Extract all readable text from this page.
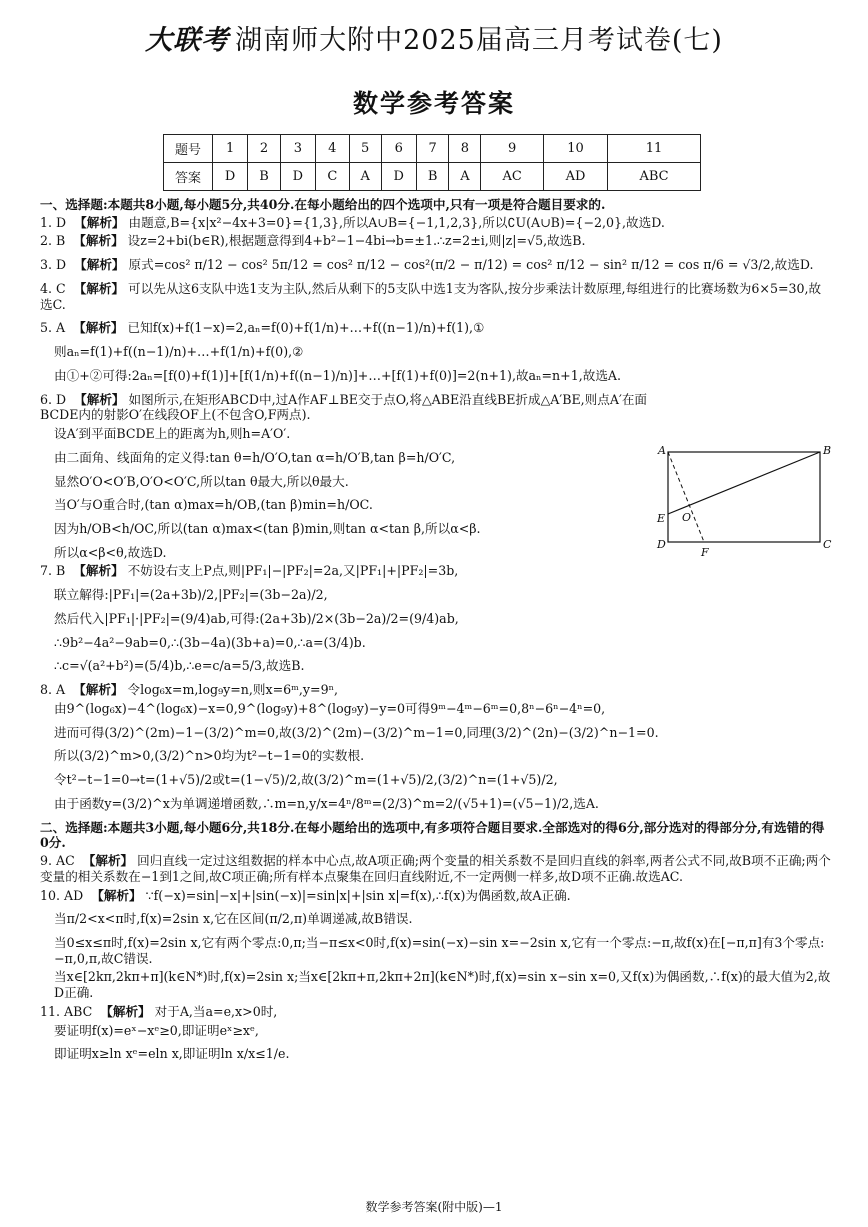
大联考 湖南师大附中2025届高三月考试卷(七)
数学参考答案
题号	1	2	3	4	5	6	7	8	9	10	11
答案	D	B	D	C	A	D	B	A	AC	AD	ABC
一、选择题:本题共8小题,每小题5分,共40分.在每小题给出的四个选项中,只有一项是符合题目要求的.
1. D 【解析】 由题意,B={x|x²−4x+3=0}={1,3},所以A∪B={−1,1,2,3},所以∁U(A∪B)={−2,0},故选D.
2. B 【解析】 设z=2+bi(b∈R),根据题意得到4+b²−1−4bi→b=±1.∴z=2±i,则|z|=√5,故选B.
3. D 【解析】 原式=cos² π/12 − cos² 5π/12 = cos² π/12 − cos²(π/2 − π/12) = cos² π/12 − sin² π/12 = cos π/6 = √3/2,故选D.
4. C 【解析】 可以先从这6支队中选1支为主队,然后从剩下的5支队中选1支为客队,按分步乘法计数原理,每组进行的比赛场数为6×5=30,故选C.
5. A 【解析】 已知f(x)+f(1−x)=2,aₙ=f(0)+f(1/n)+…+f((n−1)/n)+f(1),①
则aₙ=f(1)+f((n−1)/n)+…+f(1/n)+f(0),②
由①+②可得:2aₙ=[f(0)+f(1)]+[f(1/n)+f((n−1)/n)]+…+[f(1)+f(0)]=2(n+1),故aₙ=n+1,故选A.
6. D 【解析】 如图所示,在矩形ABCD中,过A作AF⊥BE交于点O,将△ABE沿直线BE折成△A′BE,则点A′在面BCDE内的射影O′在线段OF上(不包含O,F两点).
设A′到平面BCDE上的距离为h,则h=A′O′.
由二面角、线面角的定义得:tan θ=h/O′O,tan α=h/O′B,tan β=h/O′C,
显然O′O<O′B,O′O<O′C,所以tan θ最大,所以θ最大.
当O′与O重合时,(tan α)max=h/OB,(tan β)min=h/OC.
因为h/OB<h/OC,所以(tan α)max<(tan β)min,则tan α<tan β,所以α<β.
所以α<β<θ,故选D.
7. B 【解析】 不妨设右支上P点,则|PF₁|−|PF₂|=2a,又|PF₁|+|PF₂|=3b,
联立解得:|PF₁|=(2a+3b)/2,|PF₂|=(3b−2a)/2,
然后代入|PF₁|·|PF₂|=(9/4)ab,可得:(2a+3b)/2×(3b−2a)/2=(9/4)ab,
∴9b²−4a²−9ab=0,∴(3b−4a)(3b+a)=0,∴a=(3/4)b.
∴c=√(a²+b²)=(5/4)b,∴e=c/a=5/3,故选B.
8. A 【解析】 令log₆x=m,log₉y=n,则x=6ᵐ,y=9ⁿ,
由9^(log₆x)−4^(log₆x)−x=0,9^(log₉y)+8^(log₉y)−y=0可得9ᵐ−4ᵐ−6ᵐ=0,8ⁿ−6ⁿ−4ⁿ=0,
进而可得(3/2)^(2m)−1−(3/2)^m=0,故(3/2)^(2m)−(3/2)^m−1=0,同理(3/2)^(2n)−(3/2)^n−1=0.
所以(3/2)^m>0,(3/2)^n>0均为t²−t−1=0的实数根.
令t²−t−1=0→t=(1+√5)/2或t=(1−√5)/2,故(3/2)^m=(1+√5)/2,(3/2)^n=(1+√5)/2,
由于函数y=(3/2)^x为单调递增函数,∴m=n,y/x=4ⁿ/8ᵐ=(2/3)^m=2/(√5+1)=(√5−1)/2,选A.
二、选择题:本题共3小题,每小题6分,共18分.在每小题给出的选项中,有多项符合题目要求.全部选对的得6分,部分选对的得部分分,有选错的得0分.
9. AC 【解析】 回归直线一定过这组数据的样本中心点,故A项正确;两个变量的相关系数不是回归直线的斜率,两者公式不同,故B项不正确;两个变量的相关系数在−1到1之间,故C项正确;所有样本点聚集在回归直线附近,不一定两侧一样多,故D项不正确.故选AC.
10. AD 【解析】 ∵f(−x)=sin|−x|+|sin(−x)|=sin|x|+|sin x|=f(x),∴f(x)为偶函数,故A正确.
当π/2<x<π时,f(x)=2sin x,它在区间(π/2,π)单调递减,故B错误.
当0≤x≤π时,f(x)=2sin x,它有两个零点:0,π;当−π≤x<0时,f(x)=sin(−x)−sin x=−2sin x,它有一个零点:−π,故f(x)在[−π,π]有3个零点:−π,0,π,故C错误.
当x∈[2kπ,2kπ+π](k∈N*)时,f(x)=2sin x;当x∈[2kπ+π,2kπ+2π](k∈N*)时,f(x)=sin x−sin x=0,又f(x)为偶函数,∴f(x)的最大值为2,故D正确.
11. ABC 【解析】 对于A,当a=e,x>0时,
要证明f(x)=eˣ−xᵉ≥0,即证明eˣ≥xᵉ,
即证明x≥ln xᵉ=eln x,即证明ln x/x≤1/e.
A	B
C
D
E
F
O
数学参考答案(附中版)—1
